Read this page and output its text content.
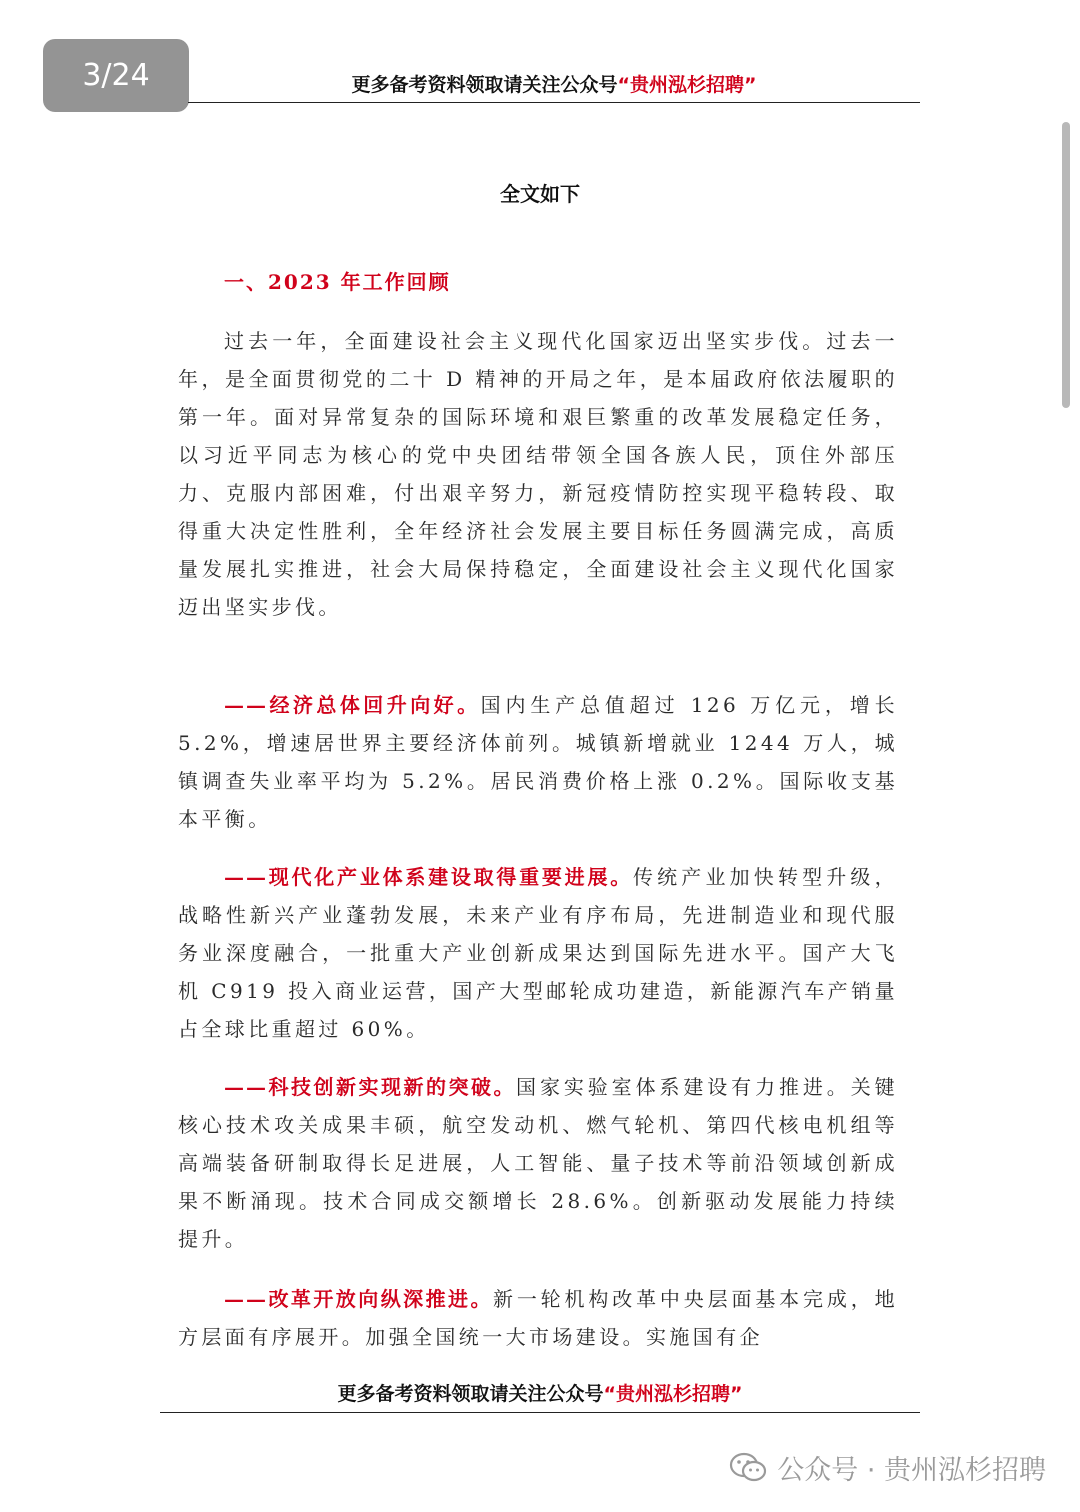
3/24	更多备考资料领取请关注公众号“贵州泓杉招聘”
全文如下
一、2023 年工作回顾

过去一年，全面建设社会主义现代化国家迈出坚实步伐。过去一年，是全面贯彻党的二十 D 精神的开局之年，是本届政府依法履职的第一年。面对异常复杂的国际环境和艰巨繁重的改革发展稳定任务，以习近平同志为核心的党中央团结带领全国各族人民，顶住外部压力、克服内部困难，付出艰辛努力，新冠疫情防控实现平稳转段、取得重大决定性胜利，全年经济社会发展主要目标任务圆满完成，高质量发展扎实推进，社会大局保持稳定，全面建设社会主义现代化国家迈出坚实步伐。

——经济总体回升向好。国内生产总值超过 126 万亿元，增长 5.2%，增速居世界主要经济体前列。城镇新增就业 1244 万人，城镇调查失业率平均为 5.2%。居民消费价格上涨 0.2%。国际收支基本平衡。

——现代化产业体系建设取得重要进展。传统产业加快转型升级，战略性新兴产业蓬勃发展，未来产业有序布局，先进制造业和现代服务业深度融合，一批重大产业创新成果达到国际先进水平。国产大飞机 C919 投入商业运营，国产大型邮轮成功建造，新能源汽车产销量占全球比重超过 60%。

——科技创新实现新的突破。国家实验室体系建设有力推进。关键核心技术攻关成果丰硕，航空发动机、燃气轮机、第四代核电机组等高端装备研制取得长足进展，人工智能、量子技术等前沿领域创新成果不断涌现。技术合同成交额增长 28.6%。创新驱动发展能力持续提升。

——改革开放向纵深推进。新一轮机构改革中央层面基本完成，地方层面有序展开。加强全国统一大市场建设。实施国有企

更多备考资料领取请关注公众号“贵州泓杉招聘”
公众号 · 贵州泓杉招聘
